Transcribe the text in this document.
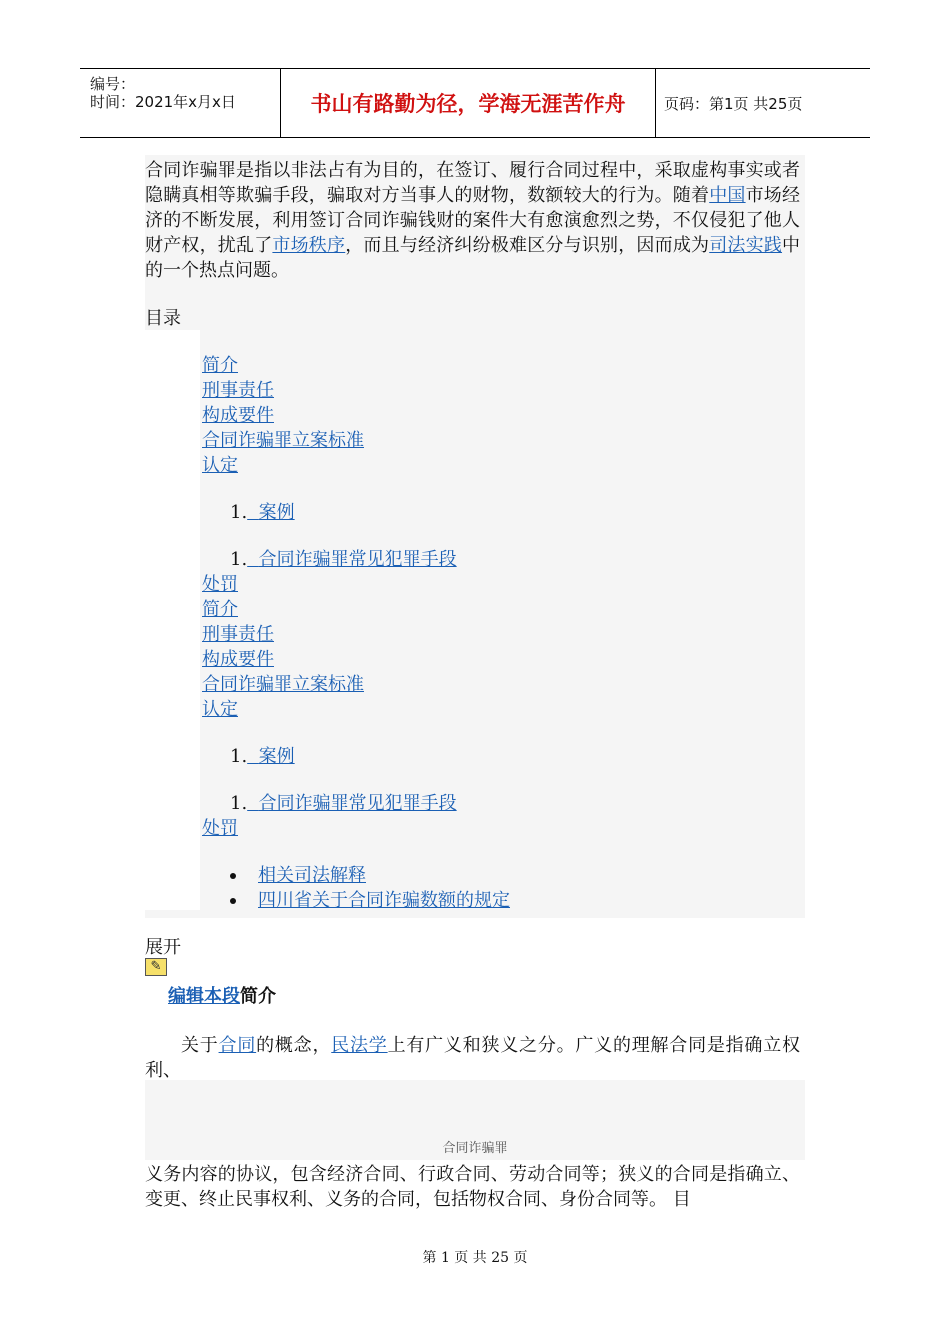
编号：
时间：2021年x月x日	书山有路勤为径，学海无涯苦作舟	页码：第1页 共25页
合同诈骗罪是指以非法占有为目的，在签订、履行合同过程中，采取虚构事实或者隐瞒真相等欺骗手段，骗取对方当事人的财物，数额较大的行为。随着中国市场经济的不断发展，利用签订合同诈骗钱财的案件大有愈演愈烈之势，不仅侵犯了他人财产权，扰乱了市场秩序，而且与经济纠纷极难区分与识别，因而成为司法实践中的一个热点问题。
目录
简介
刑事责任
构成要件
合同诈骗罪立案标准
认定
1. 案例
1. 合同诈骗罪常见犯罪手段
处罚
简介
刑事责任
构成要件
合同诈骗罪立案标准
认定
1. 案例
1. 合同诈骗罪常见犯罪手段
处罚
相关司法解释
四川省关于合同诈骗数额的规定
展开
✎
编辑本段简介
关于合同的概念，民法学上有广义和狭义之分。广义的理解合同是指确立权利、
合同诈骗罪
义务内容的协议，包含经济合同、行政合同、劳动合同等；狭义的合同是指确立、变更、终止民事权利、义务的合同，包括物权合同、身份合同等。 目
第 1 页 共 25 页
